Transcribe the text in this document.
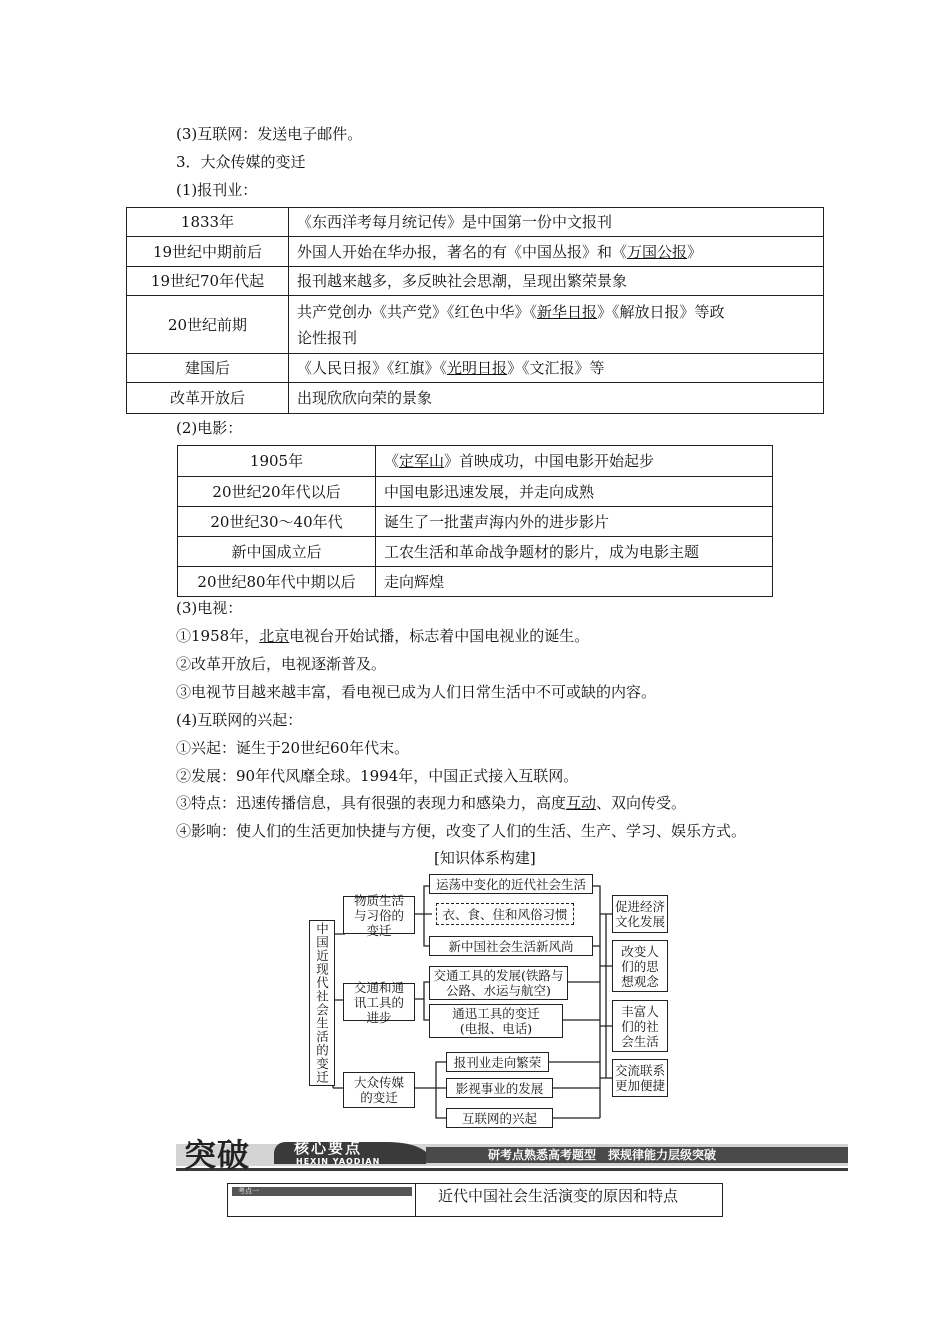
(3)互联网：发送电子邮件。
3．大众传媒的变迁
(1)报刊业：
1833年	《东西洋考每月统记传》是中国第一份中文报刊
19世纪中期前后	外国人开始在华办报，著名的有《中国丛报》和《万国公报》
19世纪70年代起	报刊越来越多，多反映社会思潮，呈现出繁荣景象
20世纪前期	共产党创办《共产党》《红色中华》《新华日报》《解放日报》等政
论性报刊
建国后	《人民日报》《红旗》《光明日报》《文汇报》等
改革开放后	出现欣欣向荣的景象
(2)电影：
1905年	《定军山》首映成功，中国电影开始起步
20世纪20年代以后	中国电影迅速发展，并走向成熟
20世纪30～40年代	诞生了一批蜚声海内外的进步影片
新中国成立后	工农生活和革命战争题材的影片，成为电影主题
20世纪80年代中期以后	走向辉煌
(3)电视：
①1958年，北京电视台开始试播，标志着中国电视业的诞生。
②改革开放后，电视逐渐普及。
③电视节目越来越丰富，看电视已成为人们日常生活中不可或缺的内容。
(4)互联网的兴起：
①兴起：诞生于20世纪60年代末。
②发展：90年代风靡全球。1994年，中国正式接入互联网。
③特点：迅速传播信息，具有很强的表现力和感染力，高度互动、双向传受。
④影响：使人们的生活更加快捷与方便，改变了人们的生活、生产、学习、娱乐方式。
[知识体系构建]
中国近现代社会生活的变迁
物质生活与习俗的变迁
交通和通讯工具的进步
大众传媒的变迁
运荡中变化的近代社会生活
衣、食、住和风俗习惯
新中国社会生活新风尚
交通工具的发展(铁路与公路、水运与航空)
通迅工具的变迁(电报、电话)
报刊业走向繁荣
影视事业的发展
互联网的兴起
促进经济文化发展
改变人们的思想观念
丰富人们的社会生活
交流联系更加便捷
突破	核心要点
HEXIN YAODIAN	研考点熟悉高考题型　探规律能力层级突破
考点一	近代中国社会生活演变的原因和特点
